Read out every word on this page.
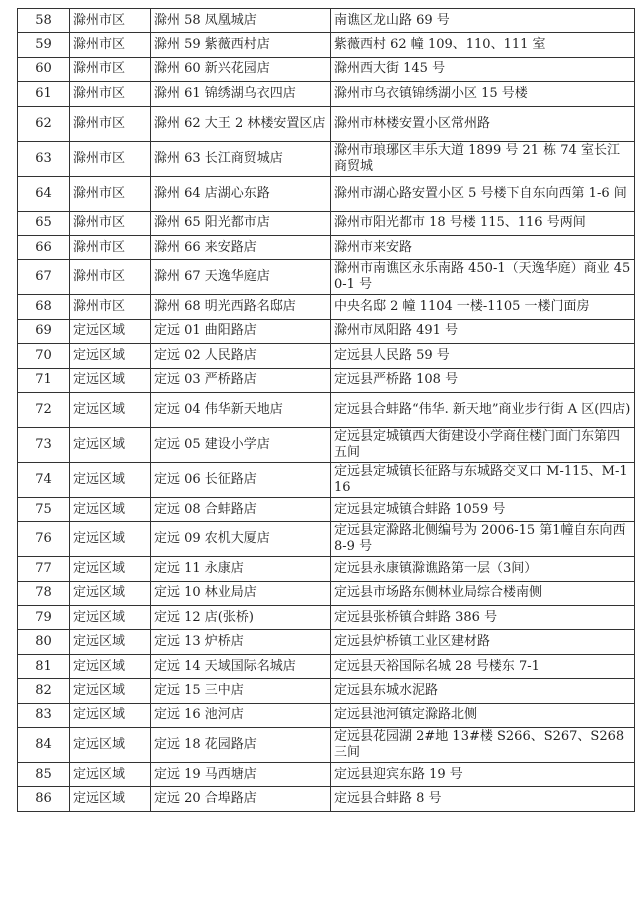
58	滁州市区	滁州 58 凤凰城店	南谯区龙山路 69 号
59	滁州市区	滁州 59 紫薇西村店	紫薇西村 62 幢 109、110、111 室
60	滁州市区	滁州 60 新兴花园店	滁州西大街 145 号
61	滁州市区	滁州 61 锦绣湖乌衣四店	滁州市乌衣镇锦绣湖小区 15 号楼
62	滁州市区	滁州 62 大王 2 林楼安置区店	滁州市林楼安置小区常州路
63	滁州市区	滁州 63 长江商贸城店	滁州市琅琊区丰乐大道 1899 号 21 栋 74 室长江商贸城
64	滁州市区	滁州 64 店湖心东路	滁州市湖心路安置小区 5 号楼下自东向西第 1-6 间
65	滁州市区	滁州 65 阳光都市店	滁州市阳光都市 18 号楼 115、116 号两间
66	滁州市区	滁州 66 来安路店	滁州市来安路
67	滁州市区	滁州 67 天逸华庭店	滁州市南谯区永乐南路 450-1（天逸华庭）商业 450-1 号
68	滁州市区	滁州 68 明光西路名邸店	中央名邸 2 幢 1104 一楼-1105 一楼门面房
69	定远区域	定远 01 曲阳路店	滁州市凤阳路 491 号
70	定远区域	定远 02 人民路店	定远县人民路 59 号
71	定远区域	定远 03 严桥路店	定远县严桥路 108 号
72	定远区域	定远 04 伟华新天地店	定远县合蚌路“伟华. 新天地”商业步行街 A 区(四店)
73	定远区域	定远 05 建设小学店	定远县定城镇西大街建设小学商住楼门面门东第四五间
74	定远区域	定远 06 长征路店	定远县定城镇长征路与东城路交叉口 M-115、M-116
75	定远区域	定远 08 合蚌路店	定远县定城镇合蚌路 1059 号
76	定远区域	定远 09 农机大厦店	定远县定滁路北侧编号为 2006-15 第1幢自东向西 8-9 号
77	定远区域	定远 11 永康店	定远县永康镇滁谯路第一层（3间）
78	定远区域	定远 10 林业局店	定远县市场路东侧林业局综合楼南侧
79	定远区域	定远 12 店(张桥)	定远县张桥镇合蚌路 386 号
80	定远区域	定远 13 炉桥店	定远县炉桥镇工业区建材路
81	定远区域	定远 14 天域国际名城店	定远县天裕国际名城 28 号楼东 7-1
82	定远区域	定远 15 三中店	定远县东城水泥路
83	定远区域	定远 16 池河店	定远县池河镇定滁路北侧
84	定远区域	定远 18 花园路店	定远县花园湖 2#地 13#楼 S266、S267、S268 三间
85	定远区域	定远 19 马西塘店	定远县迎宾东路 19 号
86	定远区域	定远 20 合埠路店	定远县合蚌路 8 号
